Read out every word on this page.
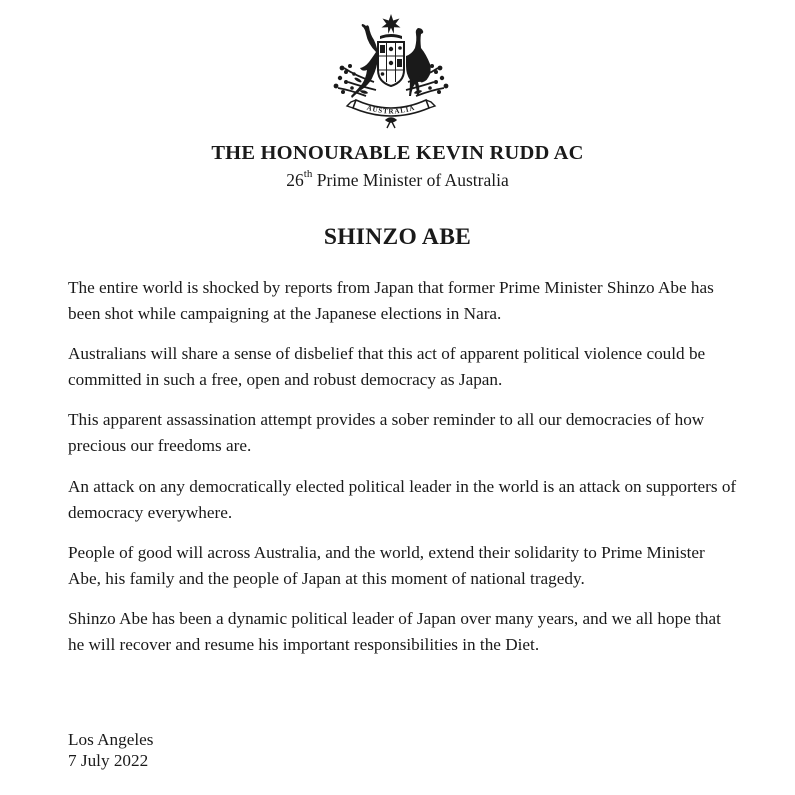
AUSTRALIA
THE HONOURABLE KEVIN RUDD AC
26th Prime Minister of Australia
SHINZO ABE

The entire world is shocked by reports from Japan that former Prime Minister Shinzo Abe has been shot while campaigning at the Japanese elections in Nara.

Australians will share a sense of disbelief that this act of apparent political violence could be committed in such a free, open and robust democracy as Japan.

This apparent assassination attempt provides a sober reminder to all our democracies of how precious our freedoms are.

An attack on any democratically elected political leader in the world is an attack on supporters of democracy everywhere.

People of good will across Australia, and the world, extend their solidarity to Prime Minister Abe, his family and the people of Japan at this moment of national tragedy.

Shinzo Abe has been a dynamic political leader of Japan over many years, and we all hope that he will recover and resume his important responsibilities in the Diet.

Los Angeles
7 July 2022
